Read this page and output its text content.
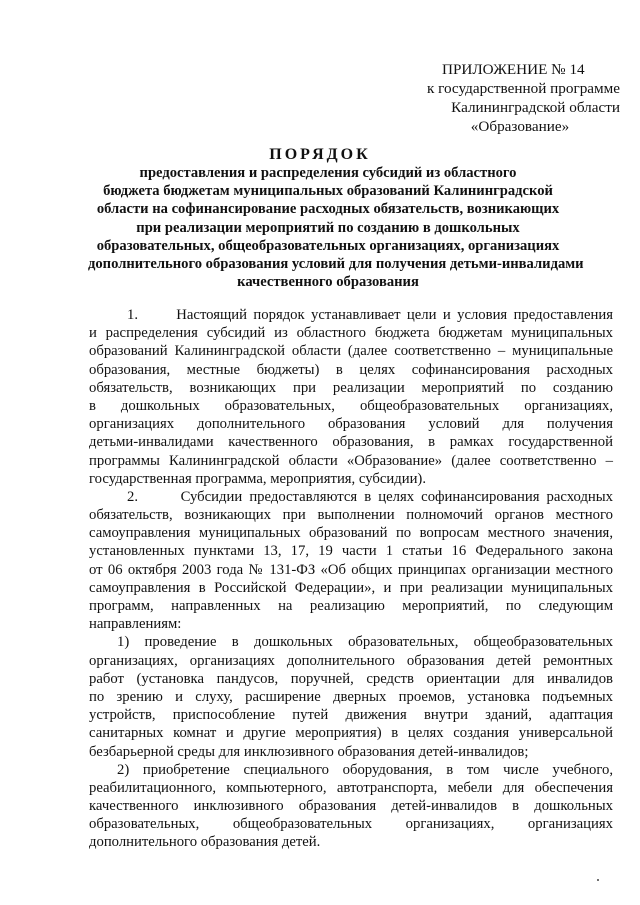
ПРИЛОЖЕНИЕ № 14
к государственной программе
Калининградской области
«Образование»
ПОРЯДОК
предоставления и распределения субсидий из областного
бюджета бюджетам муниципальных образований Калининградской
области на софинансирование расходных обязательств, возникающих
при реализации мероприятий по созданию в дошкольных
образовательных, общеобразовательных организациях, организациях
дополнительного образования условий для получения детьми-инвалидами
качественного образования
1.      Настоящий порядок устанавливает цели и условия предоставления
и распределения субсидий из областного бюджета бюджетам муниципальных
образований Калининградской области (далее соответственно – муниципальные
образования, местные бюджеты) в целях софинансирования расходных
обязательств, возникающих при реализации мероприятий по созданию
в дошкольных образовательных, общеобразовательных организациях,
организациях дополнительного образования условий для получения
детьми-инвалидами качественного образования, в рамках государственной
программы Калининградской области «Образование» (далее соответственно –
государственная программа, мероприятия, субсидии).
2.      Субсидии предоставляются в целях софинансирования расходных
обязательств, возникающих при выполнении полномочий органов местного
самоуправления муниципальных образований по вопросам местного значения,
установленных пунктами 13, 17, 19 части 1 статьи 16 Федерального закона
от 06 октября 2003 года № 131-ФЗ «Об общих принципах организации местного
самоуправления в Российской Федерации», и при реализации муниципальных
программ, направленных на реализацию мероприятий, по следующим
направлениям:
1) проведение в дошкольных образовательных, общеобразовательных
организациях, организациях дополнительного образования детей ремонтных
работ (установка пандусов, поручней, средств ориентации для инвалидов
по зрению и слуху, расширение дверных проемов, установка подъемных
устройств, приспособление путей движения внутри зданий, адаптация
санитарных комнат и другие мероприятия) в целях создания универсальной
безбарьерной среды для инклюзивного образования детей-инвалидов;
2) приобретение специального оборудования, в том числе учебного,
реабилитационного, компьютерного, автотранспорта, мебели для обеспечения
качественного инклюзивного образования детей-инвалидов в дошкольных
образовательных, общеобразовательных организациях, организациях
дополнительного образования детей.
